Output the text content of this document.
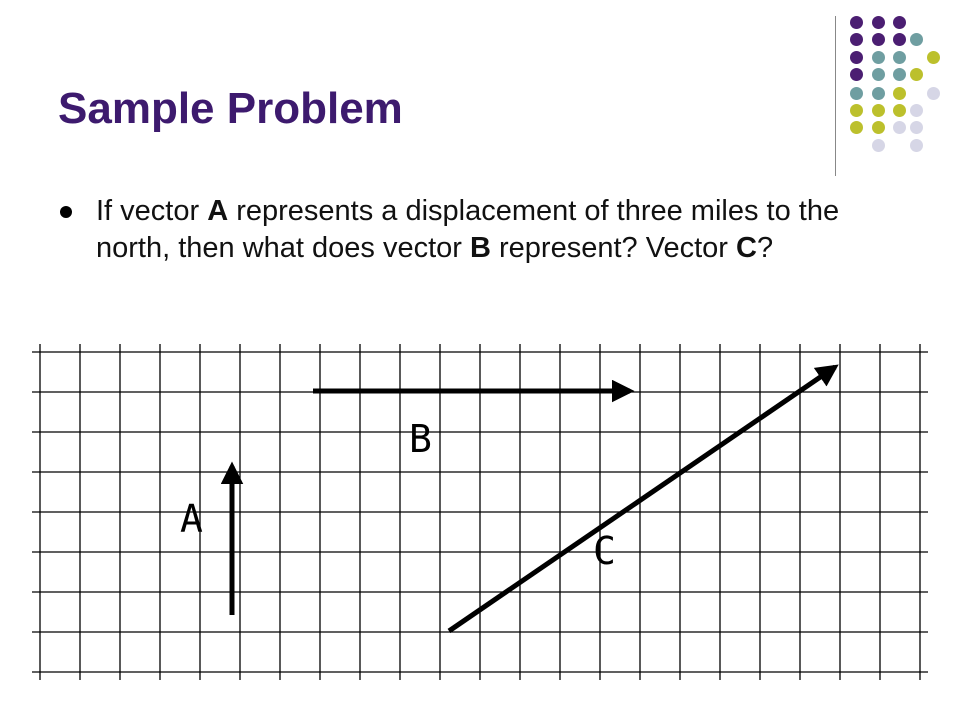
Sample Problem
If vector A represents a displacement of three miles to the north, then what does vector B represent? Vector C?
A
B
C
